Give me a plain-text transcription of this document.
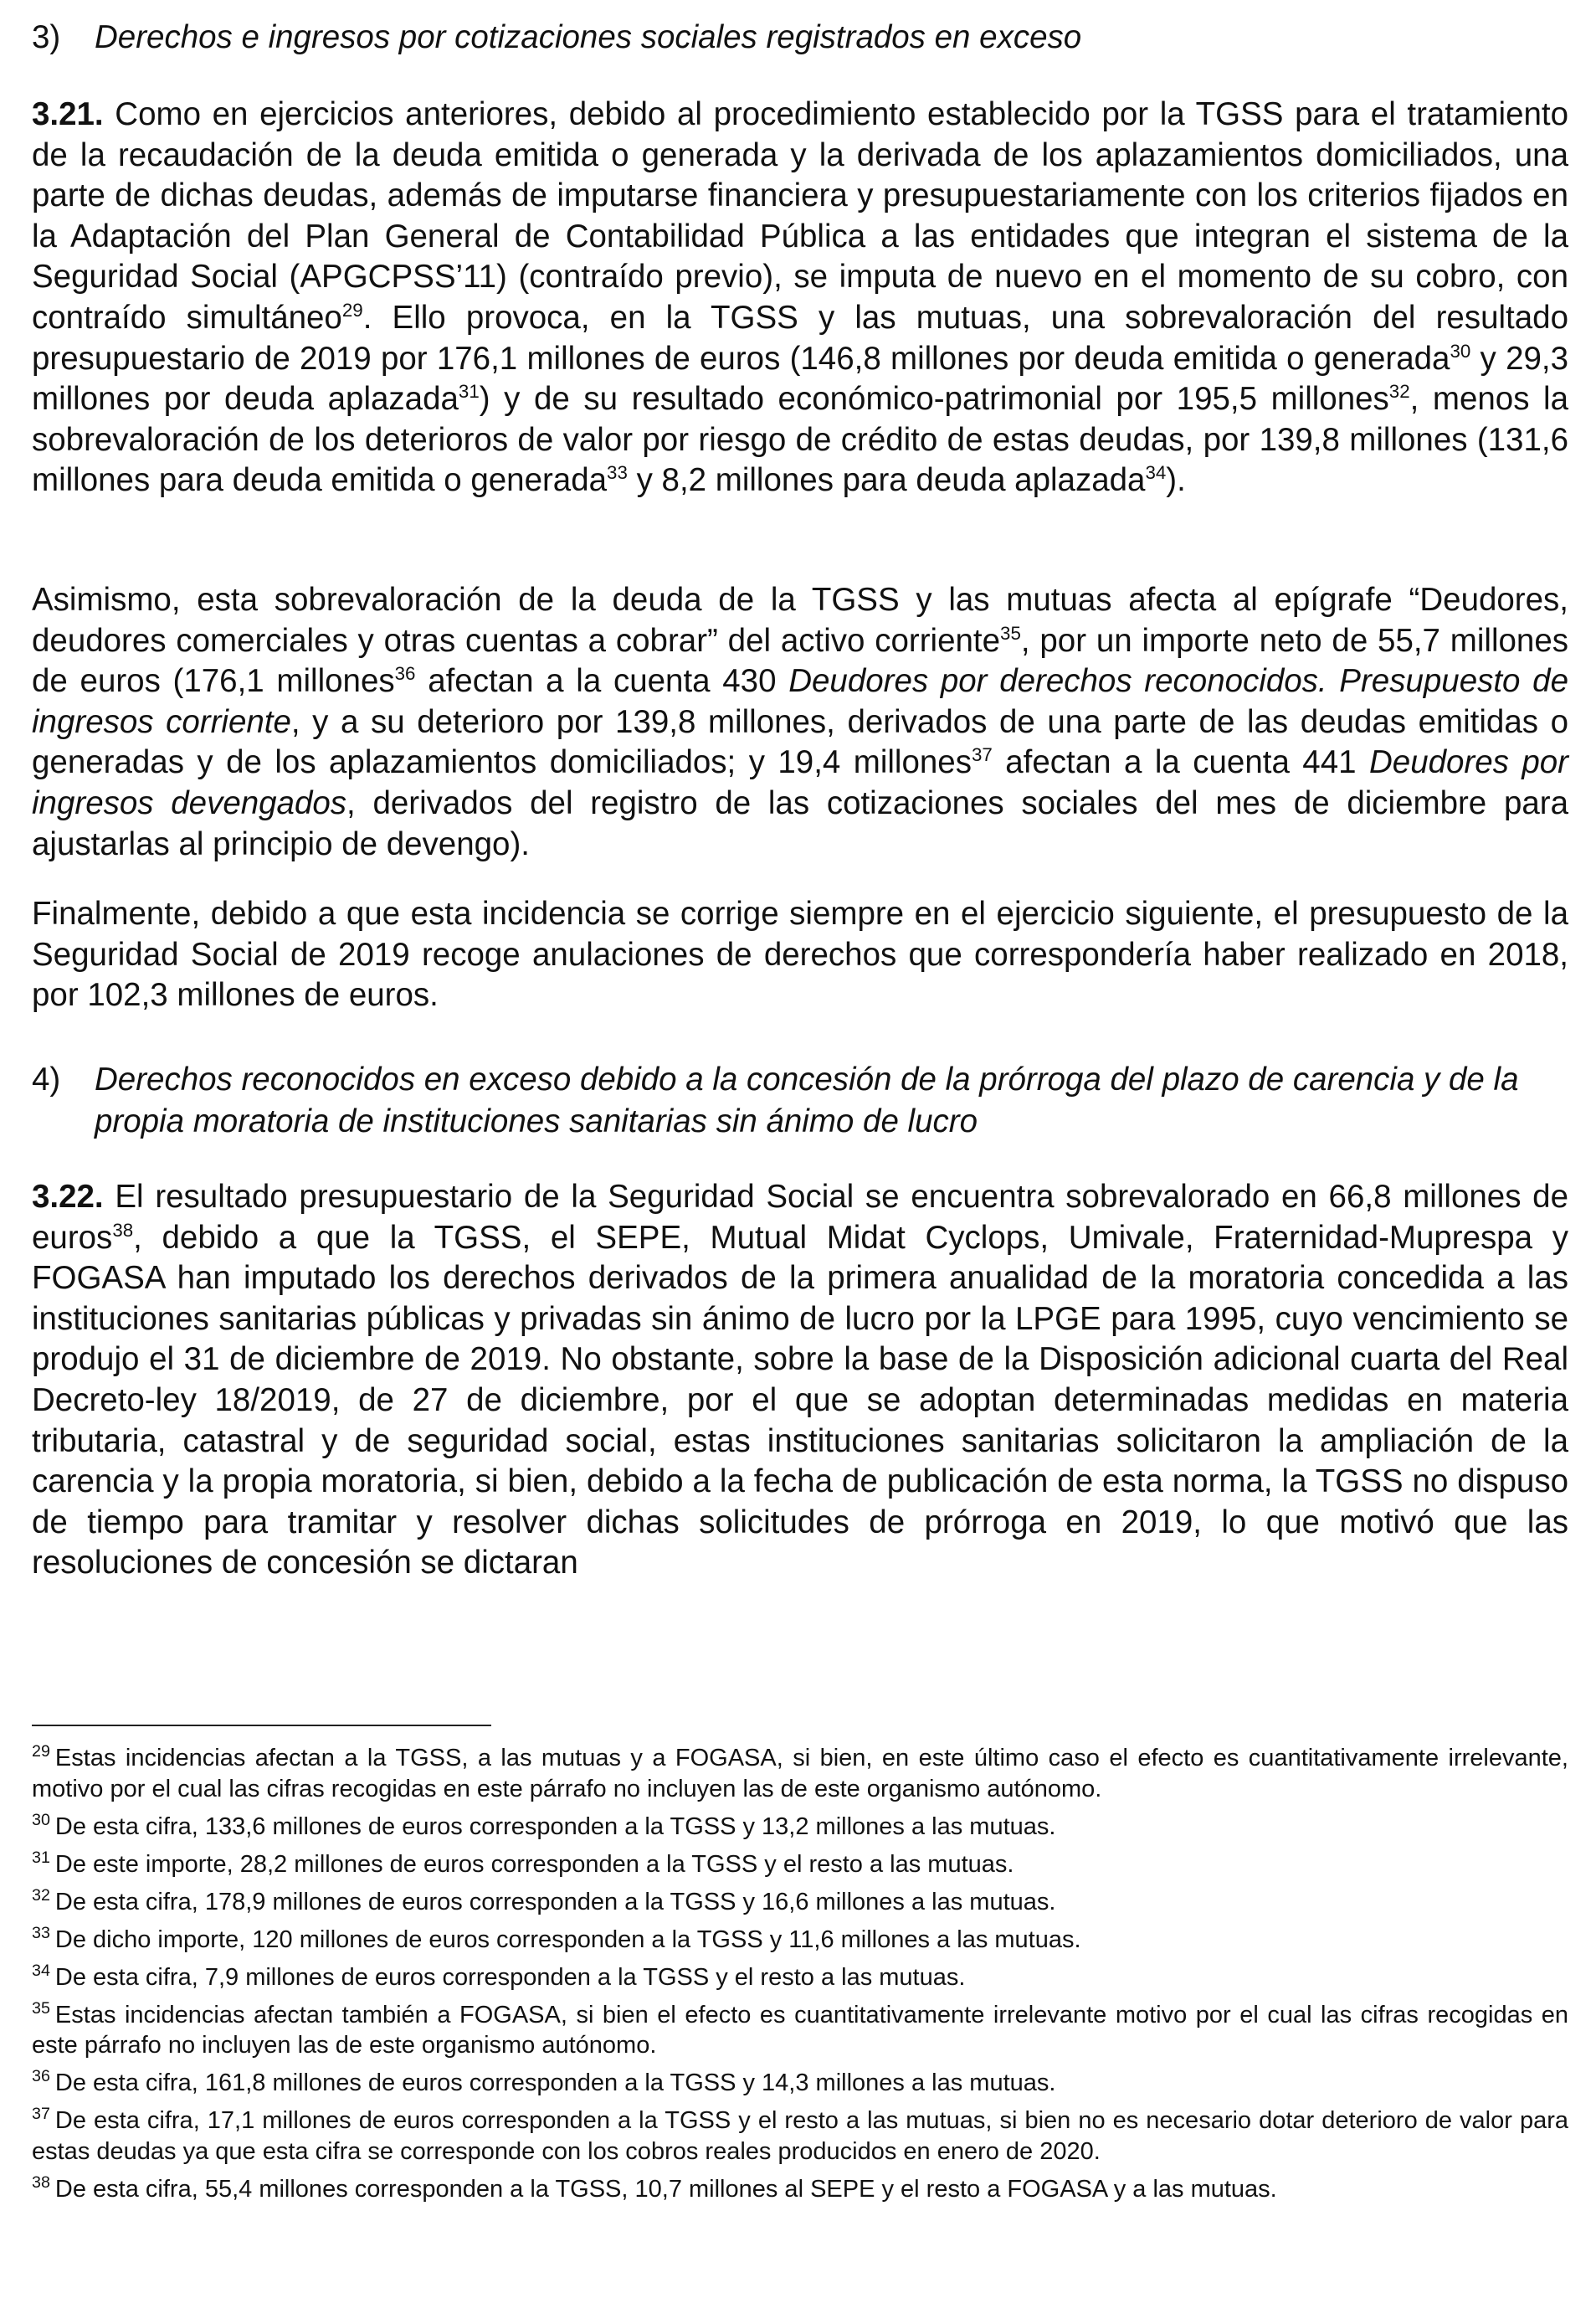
3)	Derechos e ingresos por cotizaciones sociales registrados en exceso
3.21. Como en ejercicios anteriores, debido al procedimiento establecido por la TGSS para el tratamiento de la recaudación de la deuda emitida o generada y la derivada de los aplazamientos domiciliados, una parte de dichas deudas, además de imputarse financiera y presupuestariamente con los criterios fijados en la Adaptación del Plan General de Contabilidad Pública a las entidades que integran el sistema de la Seguridad Social (APGCPSS’11) (contraído previo), se imputa de nuevo en el momento de su cobro, con contraído simultáneo$^{29}$. Ello provoca, en la TGSS y las mutuas, una sobrevaloración del resultado presupuestario de 2019 por 176,1 millones de euros (146,8 millones por deuda emitida o generada$^{30}$ y 29,3 millones por deuda aplazada$^{31}$) y de su resultado económico-patrimonial por 195,5 millones$^{32}$, menos la sobrevaloración de los deterioros de valor por riesgo de crédito de estas deudas, por 139,8 millones (131,6 millones para deuda emitida o generada$^{33}$ y 8,2 millones para deuda aplazada$^{34}$).
Asimismo, esta sobrevaloración de la deuda de la TGSS y las mutuas afecta al epígrafe “Deudores, deudores comerciales y otras cuentas a cobrar” del activo corriente$^{35}$, por un importe neto de 55,7 millones de euros (176,1 millones$^{36}$ afectan a la cuenta 430 Deudores por derechos reconocidos. Presupuesto de ingresos corriente, y a su deterioro por 139,8 millones, derivados de una parte de las deudas emitidas o generadas y de los aplazamientos domiciliados; y 19,4 millones$^{37}$ afectan a la cuenta 441 Deudores por ingresos devengados, derivados del registro de las cotizaciones sociales del mes de diciembre para ajustarlas al principio de devengo).
Finalmente, debido a que esta incidencia se corrige siempre en el ejercicio siguiente, el presupuesto de la Seguridad Social de 2019 recoge anulaciones de derechos que correspondería haber realizado en 2018, por 102,3 millones de euros.
4)	Derechos reconocidos en exceso debido a la concesión de la prórroga del plazo de carencia y de la propia moratoria de instituciones sanitarias sin ánimo de lucro
3.22. El resultado presupuestario de la Seguridad Social se encuentra sobrevalorado en 66,8 millones de euros$^{38}$, debido a que la TGSS, el SEPE, Mutual Midat Cyclops, Umivale, Fraternidad-Muprespa y FOGASA han imputado los derechos derivados de la primera anualidad de la moratoria concedida a las instituciones sanitarias públicas y privadas sin ánimo de lucro por la LPGE para 1995, cuyo vencimiento se produjo el 31 de diciembre de 2019. No obstante, sobre la base de la Disposición adicional cuarta del Real Decreto-ley 18/2019, de 27 de diciembre, por el que se adoptan determinadas medidas en materia tributaria, catastral y de seguridad social, estas instituciones sanitarias solicitaron la ampliación de la carencia y la propia moratoria, si bien, debido a la fecha de publicación de esta norma, la TGSS no dispuso de tiempo para tramitar y resolver dichas solicitudes de prórroga en 2019, lo que motivó que las resoluciones de concesión se dictaran
$^{29}$ Estas incidencias afectan a la TGSS, a las mutuas y a FOGASA, si bien, en este último caso el efecto es cuantitativamente irrelevante, motivo por el cual las cifras recogidas en este párrafo no incluyen las de este organismo autónomo.
$^{30}$ De esta cifra, 133,6 millones de euros corresponden a la TGSS y 13,2 millones a las mutuas.
$^{31}$ De este importe, 28,2 millones de euros corresponden a la TGSS y el resto a las mutuas.
$^{32}$ De esta cifra, 178,9 millones de euros corresponden a la TGSS y 16,6 millones a las mutuas.
$^{33}$ De dicho importe, 120 millones de euros corresponden a la TGSS y 11,6 millones a las mutuas.
$^{34}$ De esta cifra, 7,9 millones de euros corresponden a la TGSS y el resto a las mutuas.
$^{35}$ Estas incidencias afectan también a FOGASA, si bien el efecto es cuantitativamente irrelevante motivo por el cual las cifras recogidas en este párrafo no incluyen las de este organismo autónomo.
$^{36}$ De esta cifra, 161,8 millones de euros corresponden a la TGSS y 14,3 millones a las mutuas.
$^{37}$ De esta cifra, 17,1 millones de euros corresponden a la TGSS y el resto a las mutuas, si bien no es necesario dotar deterioro de valor para estas deudas ya que esta cifra se corresponde con los cobros reales producidos en enero de 2020.
$^{38}$ De esta cifra, 55,4 millones corresponden a la TGSS, 10,7 millones al SEPE y el resto a FOGASA y a las mutuas.
